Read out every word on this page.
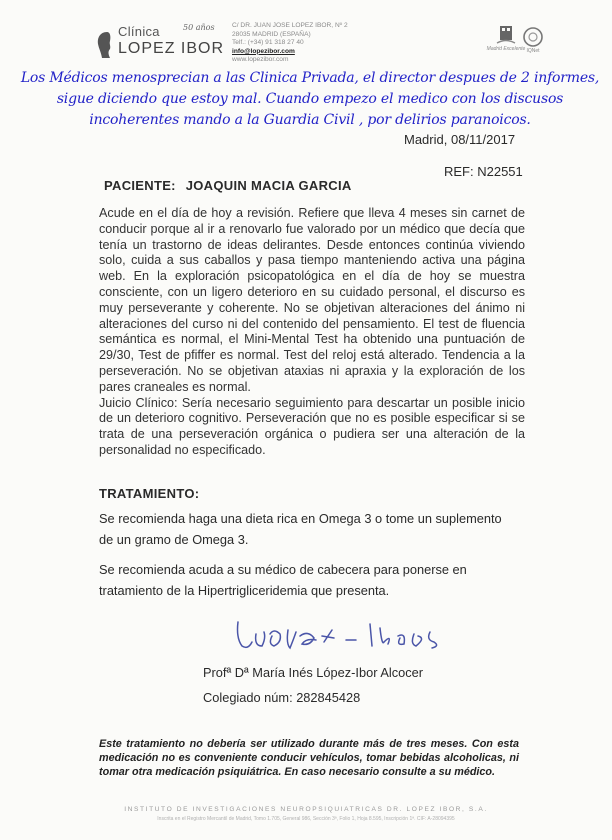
Clínica
LOPEZ IBOR
50 años	C/ DR. JUAN JOSE LOPEZ IBOR, Nº 2
28035 MADRID (ESPAÑA)
Telf.: (+34) 91 318 27 40
info@lopezibor.com
www.lopezibor.com
Madrid Excelente IQNet
Los Médicos menosprecian a las Clinica Privada, el director despues de 2 informes, sigue diciendo que estoy mal. Cuando empezo el medico con los discusos incoherentes mando a la Guardia Civil , por delirios paranoicos.
Madrid, 08/11/2017
REF: N22551
PACIENTE: JOAQUIN MACIA GARCIA

Acude en el día de hoy a revisión. Refiere que lleva 4 meses sin carnet de conducir porque al ir a renovarlo fue valorado por un médico que decía que tenía un trastorno de ideas delirantes. Desde entonces continúa viviendo solo, cuida a sus caballos y pasa tiempo manteniendo activa una página web. En la exploración psicopatológica en el día de hoy se muestra consciente, con un ligero deterioro en su cuidado personal, el discurso es muy perseverante y coherente. No se objetivan alteraciones del ánimo ni alteraciones del curso ni del contenido del pensamiento. El test de fluencia semántica es normal, el Mini-Mental Test ha obtenido una puntuación de 29/30, Test de pfiffer es normal. Test del reloj está alterado. Tendencia a la perseveración. No se objetivan ataxias ni apraxia y la exploración de los pares craneales es normal.

Juicio Clínico: Sería necesario seguimiento para descartar un posible inicio de un deterioro cognitivo. Perseveración que no es posible especificar si se trata de una perseveración orgánica o pudiera ser una alteración de la personalidad no especificado.

TRATAMIENTO:
Se recomienda haga una dieta rica en Omega 3 o tome un suplemento de un gramo de Omega 3.
Se recomienda acuda a su médico de cabecera para ponerse en tratamiento de la Hipertrigliceridemia que presenta.
Profª Dª María Inés López-Ibor Alcocer
Colegiado núm: 282845428
Este tratamiento no debería ser utilizado durante más de tres meses. Con esta medicación no es conveniente conducir vehículos, tomar bebidas alcoholicas, ni tomar otra medicación psiquiátrica. En caso necesario consulte a su médico.
INSTITUTO DE INVESTIGACIONES NEUROPSIQUIATRICAS DR. LOPEZ IBOR, S.A.
Inscrita en el Registro Mercantil de Madrid, Tomo 1.705, General 986, Sección 3ª, Folio 1, Hoja 8.595, Inscripción 1ª. CIF: A-28094395
